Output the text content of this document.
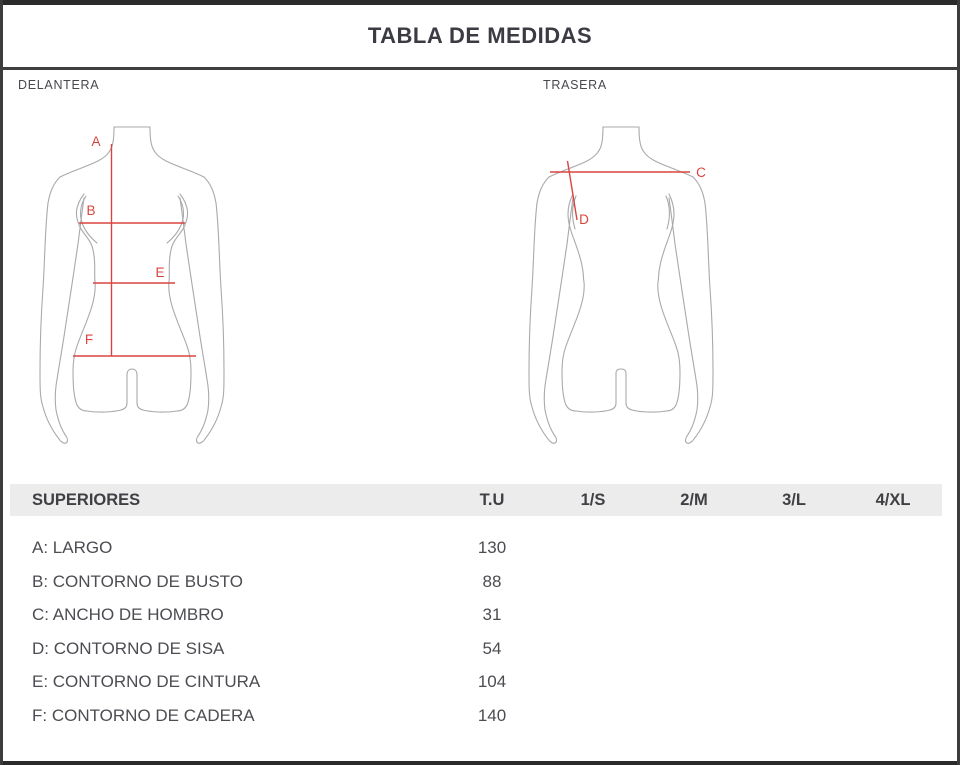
TABLA DE MEDIDAS
DELANTERA	TRASERA
A
B
E
F
C
D
SUPERIORES	T.U	1/S	2/M	3/L	4/XL
A: LARGO	130
B: CONTORNO DE BUSTO	88
C: ANCHO DE HOMBRO	31
D: CONTORNO DE SISA	54
E: CONTORNO DE CINTURA	104
F: CONTORNO DE CADERA	140
